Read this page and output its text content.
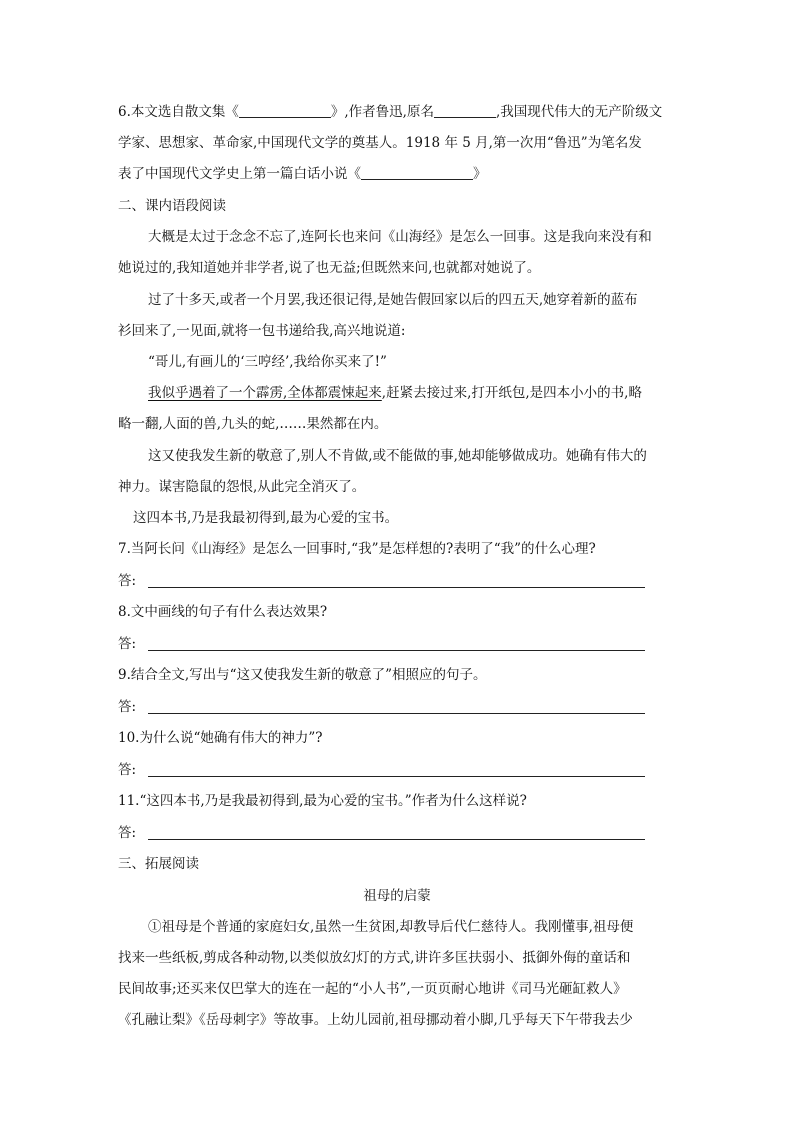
6.本文选自散文集《	》,作者鲁迅,原名	,我国现代伟大的无产阶级文
学家、思想家、革命家,中国现代文学的奠基人。1918 年 5 月,第一次用“鲁迅”为笔名发
表了中国现代文学史上第一篇白话小说《	》
二、课内语段阅读
大概是太过于念念不忘了,连阿长也来问《山海经》是怎么一回事。这是我向来没有和
她说过的,我知道她并非学者,说了也无益;但既然来问,也就都对她说了。
过了十多天,或者一个月罢,我还很记得,是她告假回家以后的四五天,她穿着新的蓝布
衫回来了,一见面,就将一包书递给我,高兴地说道:
“哥儿,有画儿的‘三哼经’,我给你买来了!”
我似乎遇着了一个霹雳,全体都震悚起来,赶紧去接过来,打开纸包,是四本小小的书,略
略一翻,人面的兽,九头的蛇,……果然都在内。
这又使我发生新的敬意了,别人不肯做,或不能做的事,她却能够做成功。她确有伟大的
神力。谋害隐鼠的怨恨,从此完全消灭了。
这四本书,乃是我最初得到,最为心爱的宝书。
7.当阿长问《山海经》是怎么一回事时,“我”是怎样想的?表明了“我”的什么心理?
答:
8.文中画线的句子有什么表达效果?
答:
9.结合全文,写出与“这又使我发生新的敬意了”相照应的句子。
答:
10.为什么说“她确有伟大的神力”?
答:
11.“这四本书,乃是我最初得到,最为心爱的宝书。”作者为什么这样说?
答:
三、拓展阅读
祖母的启蒙
①祖母是个普通的家庭妇女,虽然一生贫困,却教导后代仁慈待人。我刚懂事,祖母便
找来一些纸板,剪成各种动物,以类似放幻灯的方式,讲许多匡扶弱小、抵御外侮的童话和
民间故事;还买来仅巴掌大的连在一起的“小人书”,一页页耐心地讲《司马光砸缸救人》
《孔融让梨》《岳母刺字》等故事。上幼儿园前,祖母挪动着小脚,几乎每天下午带我去少
